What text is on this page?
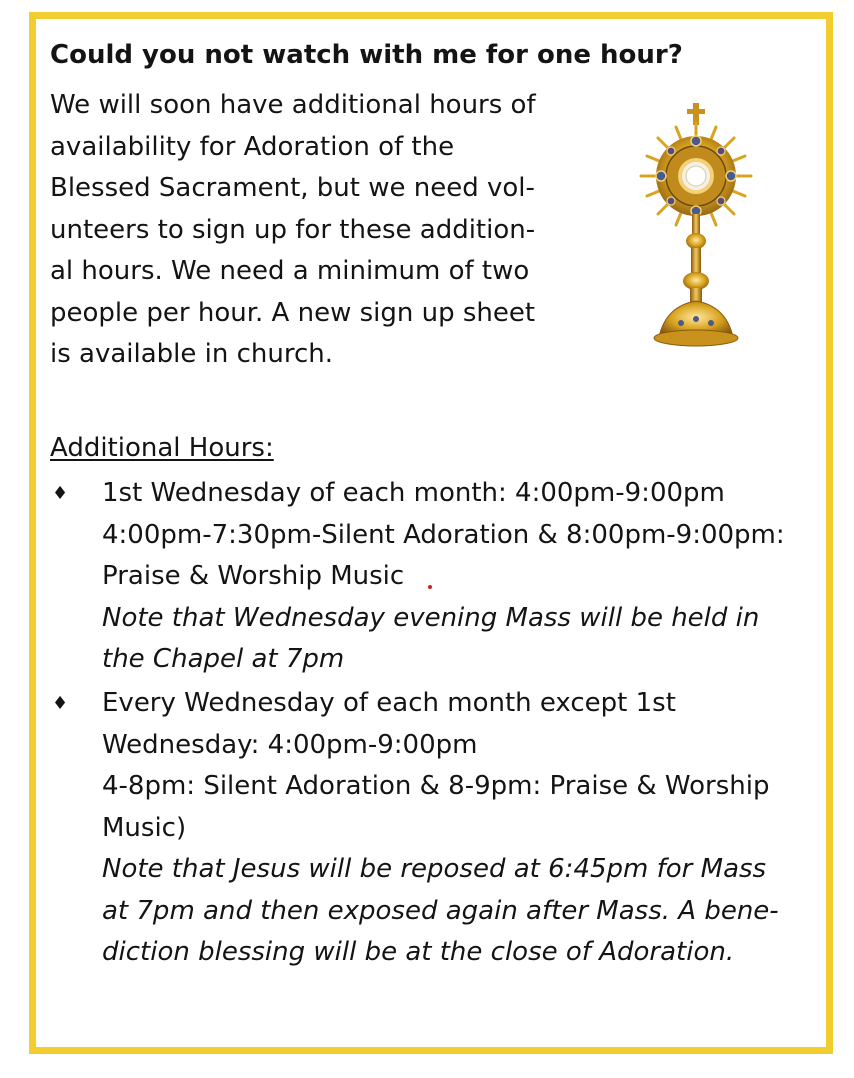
Could you not watch with me for one hour?
We will soon have additional hours of
availability for Adoration of the
Blessed Sacrament, but we need vol-
unteers to sign up for these addition-
al hours. We need a minimum of two
people per hour. A new sign up sheet
is available in church.
Additional Hours:
♦ 1st Wednesday of each month: 4:00pm-9:00pm
4:00pm-7:30pm-Silent Adoration & 8:00pm-9:00pm:
Praise & Worship Music
Note that Wednesday evening Mass will be held in
the Chapel at 7pm
♦ Every Wednesday of each month except 1st
Wednesday: 4:00pm-9:00pm
4-8pm: Silent Adoration & 8-9pm: Praise & Worship
Music)
Note that Jesus will be reposed at 6:45pm for Mass
at 7pm and then exposed again after Mass. A bene-
diction blessing will be at the close of Adoration.
